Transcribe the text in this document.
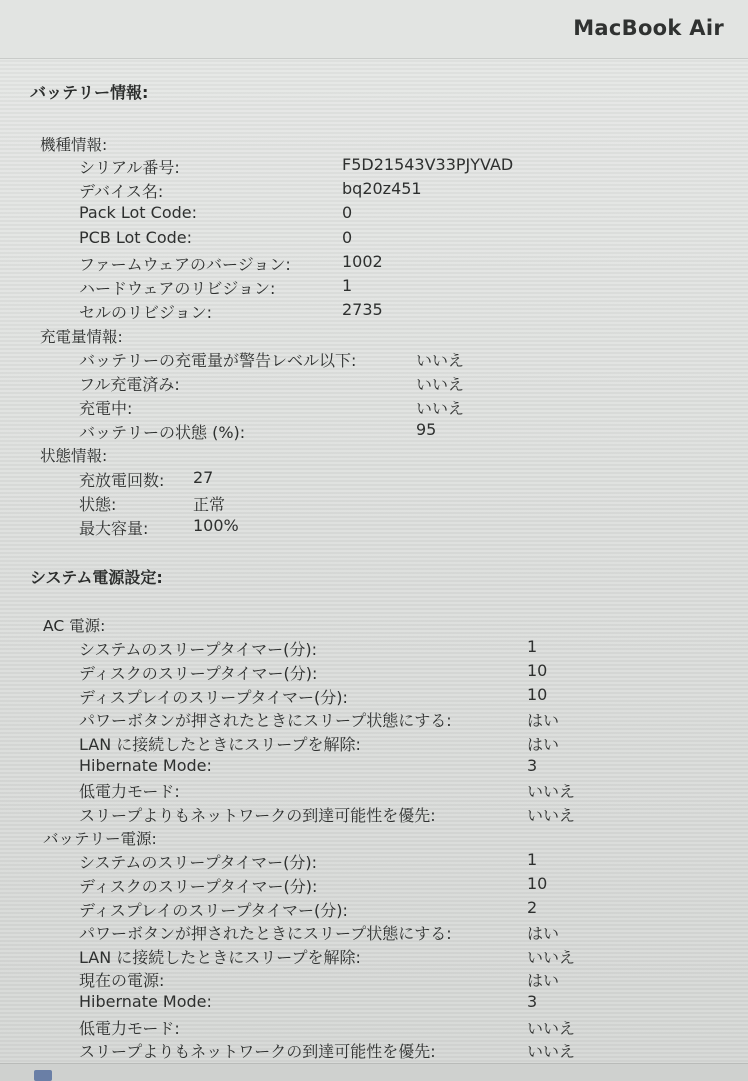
MacBook Air
バッテリー情報:
機種情報:
シリアル番号:	F5D21543V33PJYVAD
デバイス名:	bq20z451
Pack Lot Code:	0
PCB Lot Code:	0
ファームウェアのバージョン:	1002
ハードウェアのリビジョン:	1
セルのリビジョン:	2735
充電量情報:
バッテリーの充電量が警告レベル以下:	いいえ
フル充電済み:	いいえ
充電中:	いいえ
バッテリーの状態 (%):	95
状態情報:
充放電回数: 27
状態:	正常
最大容量:	100%
システム電源設定:
AC 電源:
システムのスリープタイマー(分):	1
ディスクのスリープタイマー(分):	10
ディスプレイのスリープタイマー(分):	10
パワーボタンが押されたときにスリープ状態にする:	はい
LAN に接続したときにスリープを解除:	はい
Hibernate Mode:	3
低電力モード:	いいえ
スリープよりもネットワークの到達可能性を優先:	いいえ
バッテリー電源:
システムのスリープタイマー(分):	1
ディスクのスリープタイマー(分):	10
ディスプレイのスリープタイマー(分):	2
パワーボタンが押されたときにスリープ状態にする:	はい
LAN に接続したときにスリープを解除:	いいえ
現在の電源:	はい
Hibernate Mode:	3
低電力モード:	いいえ
スリープよりもネットワークの到達可能性を優先:	いいえ
